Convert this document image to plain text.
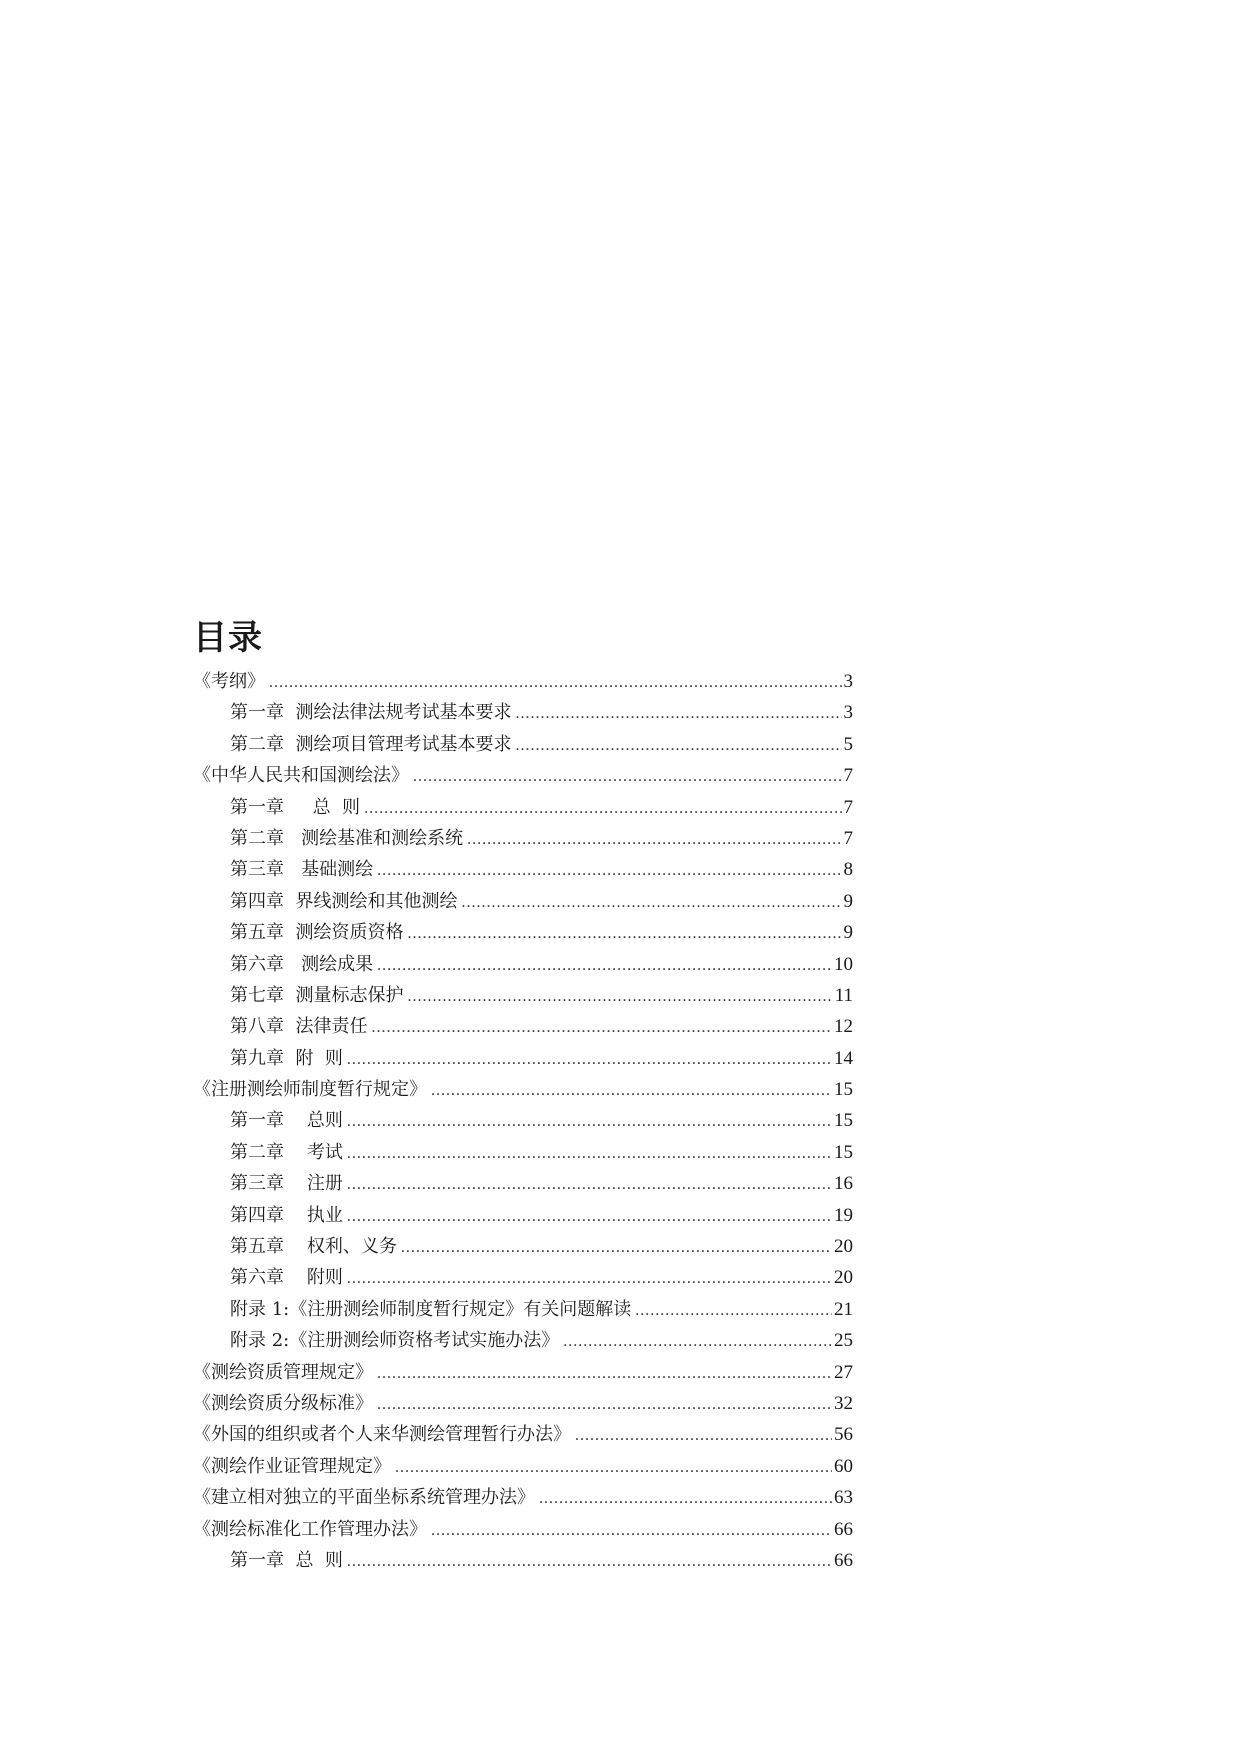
目录
《考纲》 .....	3
第一章  测绘法律法规考试基本要求 .....	3
第二章  测绘项目管理考试基本要求 .....	5
《中华人民共和国测绘法》 .....	7
第一章     总  则 .....	7
第二章   测绘基准和测绘系统 .....	7
第三章   基础测绘 .....	8
第四章  界线测绘和其他测绘 .....	9
第五章  测绘资质资格 .....	9
第六章   测绘成果 .....	10
第七章  测量标志保护 .....	11
第八章  法律责任 .....	12
第九章  附  则 .....	14
《注册测绘师制度暂行规定》 .....	15
第一章    总则 .....	15
第二章    考试 .....	15
第三章    注册 .....	16
第四章    执业 .....	19
第五章    权利、义务 .....	20
第六章    附则 .....	20
附录 1:《注册测绘师制度暂行规定》有关问题解读 .....	21
附录 2:《注册测绘师资格考试实施办法》 .....	25
《测绘资质管理规定》 .....	27
《测绘资质分级标准》 .....	32
《外国的组织或者个人来华测绘管理暂行办法》 .....	56
《测绘作业证管理规定》 .....	60
《建立相对独立的平面坐标系统管理办法》 .....	63
《测绘标准化工作管理办法》 .....	66
第一章  总  则 .....	66
